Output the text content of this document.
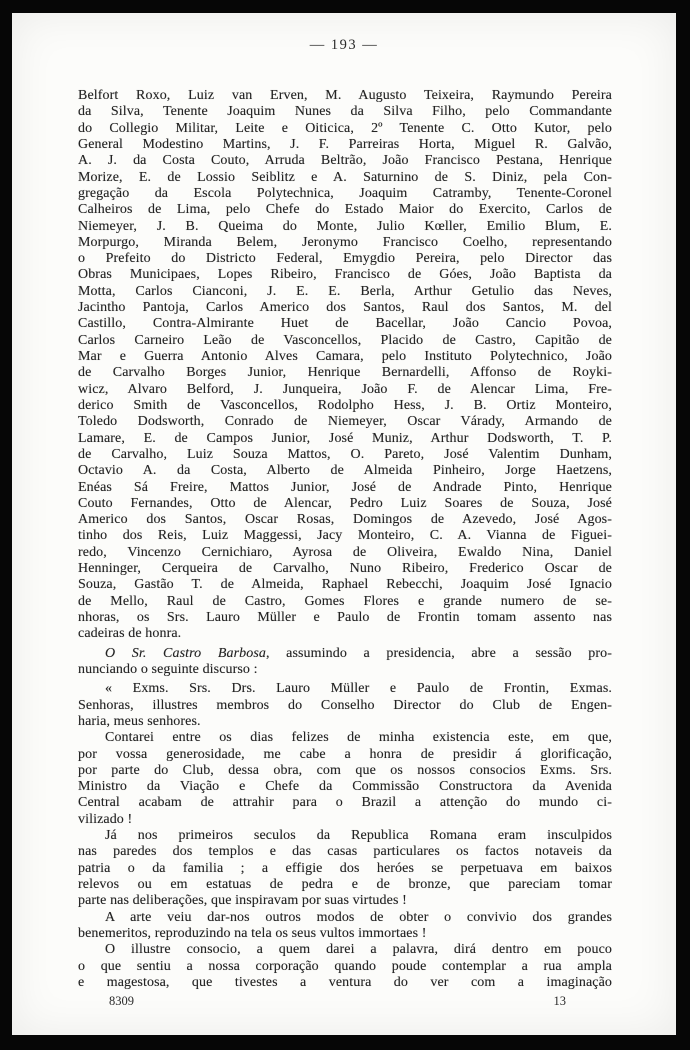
— 193 —
Belfort Roxo, Luiz van Erven, M. Augusto Teixeira, Raymundo Pereira
da Silva, Tenente Joaquim Nunes da Silva Filho, pelo Commandante
do Collegio Militar, Leite e Oiticica, 2º Tenente C. Otto Kutor, pelo
General Modestino Martins, J. F. Parreiras Horta, Miguel R. Galvão,
A. J. da Costa Couto, Arruda Beltrão, João Francisco Pestana, Henrique
Morize, E. de Lossio Seiblitz e A. Saturnino de S. Diniz, pela Con-
gregação da Escola Polytechnica, Joaquim Catramby, Tenente-Coronel
Calheiros de Lima, pelo Chefe do Estado Maior do Exercito, Carlos de
Niemeyer, J. B. Queima do Monte, Julio Kœller, Emilio Blum, E.
Morpurgo, Miranda Belem, Jeronymo Francisco Coelho, representando
o Prefeito do Districto Federal, Emygdio Pereira, pelo Director das
Obras Municipaes, Lopes Ribeiro, Francisco de Góes, João Baptista da
Motta, Carlos Cianconi, J. E. E. Berla, Arthur Getulio das Neves,
Jacintho Pantoja, Carlos Americo dos Santos, Raul dos Santos, M. del
Castillo, Contra-Almirante Huet de Bacellar, João Cancio Povoa,
Carlos Carneiro Leão de Vasconcellos, Placido de Castro, Capitão de
Mar e Guerra Antonio Alves Camara, pelo Instituto Polytechnico, João
de Carvalho Borges Junior, Henrique Bernardelli, Affonso de Royki-
wicz, Alvaro Belford, J. Junqueira, João F. de Alencar Lima, Fre-
derico Smith de Vasconcellos, Rodolpho Hess, J. B. Ortiz Monteiro,
Toledo Dodsworth, Conrado de Niemeyer, Oscar Várady, Armando de
Lamare, E. de Campos Junior, José Muniz, Arthur Dodsworth, T. P.
de Carvalho, Luiz Souza Mattos, O. Pareto, José Valentim Dunham,
Octavio A. da Costa, Alberto de Almeida Pinheiro, Jorge Haetzens,
Enéas Sá Freire, Mattos Junior, José de Andrade Pinto, Henrique
Couto Fernandes, Otto de Alencar, Pedro Luiz Soares de Souza, José
Americo dos Santos, Oscar Rosas, Domingos de Azevedo, José Agos-
tinho dos Reis, Luiz Maggessi, Jacy Monteiro, C. A. Vianna de Figuei-
redo, Vincenzo Cernichiaro, Ayrosa de Oliveira, Ewaldo Nina, Daniel
Henninger, Cerqueira de Carvalho, Nuno Ribeiro, Frederico Oscar de
Souza, Gastão T. de Almeida, Raphael Rebecchi, Joaquim José Ignacio
de Mello, Raul de Castro, Gomes Flores e grande numero de se-
nhoras, os Srs. Lauro Müller e Paulo de Frontin tomam assento nas
cadeiras de honra.
O Sr. Castro Barbosa, assumindo a presidencia, abre a sessão pro-
nunciando o seguinte discurso :
« Exms. Srs. Drs. Lauro Müller e Paulo de Frontin, Exmas.
Senhoras, illustres membros do Conselho Director do Club de Engen-
haria, meus senhores.
Contarei entre os dias felizes de minha existencia este, em que,
por vossa generosidade, me cabe a honra de presidir á glorificação,
por parte do Club, dessa obra, com que os nossos consocios Exms. Srs.
Ministro da Viação e Chefe da Commissão Constructora da Avenida
Central acabam de attrahir para o Brazil a attenção do mundo ci-
vilizado !
Já nos primeiros seculos da Republica Romana eram insculpidos
nas paredes dos templos e das casas particulares os factos notaveis da
patria o da familia ; a effigie dos heróes se perpetuava em baixos
relevos ou em estatuas de pedra e de bronze, que pareciam tomar
parte nas deliberações, que inspiravam por suas virtudes !
A arte veiu dar-nos outros modos de obter o convivio dos grandes
benemeritos, reproduzindo na tela os seus vultos immortaes !
O illustre consocio, a quem darei a palavra, dirá dentro em pouco
o que sentiu a nossa corporação quando poude contemplar a rua ampla
e magestosa, que tivestes a ventura do ver com a imaginação
8309	13
